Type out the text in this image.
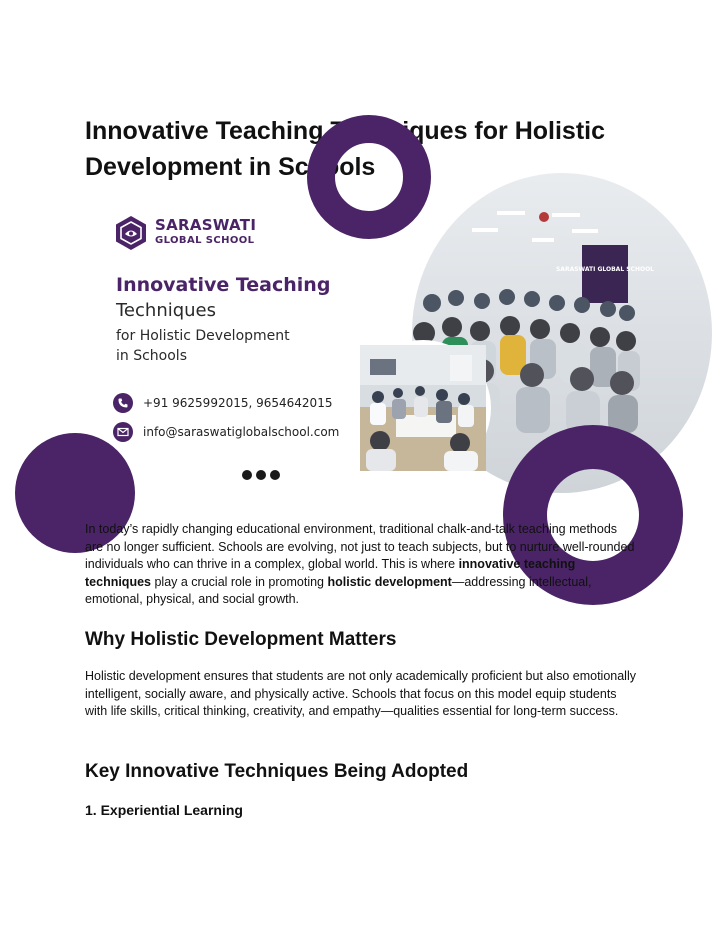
Innovative Teaching Techniques for Holistic Development in Schools
SARASWATI GLOBAL SCHOOL
SARASWATI
GLOBAL SCHOOL
Innovative Teaching
Techniques
for Holistic Development
in Schools
+91 9625992015, 9654642015
info@saraswatiglobalschool.com

In today’s rapidly changing educational environment, traditional chalk-and-talk teaching methods are no longer sufficient. Schools are evolving, not just to teach subjects, but to nurture well-rounded individuals who can thrive in a complex, global world. This is where innovative teaching techniques play a crucial role in promoting holistic development—addressing intellectual, emotional, physical, and social growth.

Why Holistic Development Matters

Holistic development ensures that students are not only academically proficient but also emotionally intelligent, socially aware, and physically active. Schools that focus on this model equip students with life skills, critical thinking, creativity, and empathy—qualities essential for long-term success.

Key Innovative Techniques Being Adopted
1. Experiential Learning
